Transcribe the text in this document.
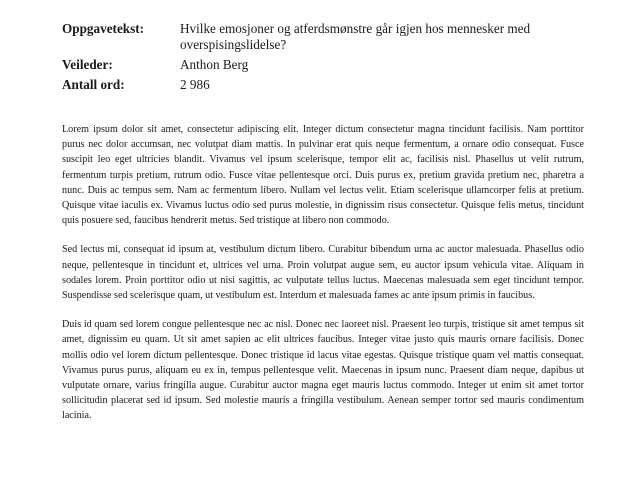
Oppgavetekst:	Hvilke emosjoner og atferdsmønstre går igjen hos mennesker med overspisingslidelse?
Veileder:	Anthon Berg
Antall ord:	2 986

Lorem ipsum dolor sit amet, consectetur adipiscing elit. Integer dictum consectetur magna tincidunt facilisis. Nam porttitor purus nec dolor accumsan, nec volutpat diam mattis. In pulvinar erat quis neque fermentum, a ornare odio consequat. Fusce suscipit leo eget ultricies blandit. Vivamus vel ipsum scelerisque, tempor elit ac, facilisis nisl. Phasellus ut velit rutrum, fermentum turpis pretium, rutrum odio. Fusce vitae pellentesque orci. Duis purus ex, pretium gravida pretium nec, pharetra a nunc. Duis ac tempus sem. Nam ac fermentum libero. Nullam vel lectus velit. Etiam scelerisque ullamcorper felis at pretium. Quisque vitae iaculis ex. Vivamus luctus odio sed purus molestie, in dignissim risus consectetur. Quisque felis metus, tincidunt quis posuere sed, faucibus hendrerit metus. Sed tristique at libero non commodo.

Sed lectus mi, consequat id ipsum at, vestibulum dictum libero. Curabitur bibendum urna ac auctor malesuada. Phasellus odio neque, pellentesque in tincidunt et, ultrices vel urna. Proin volutpat augue sem, eu auctor ipsum vehicula vitae. Aliquam in sodales lorem. Proin porttitor odio ut nisi sagittis, ac vulputate tellus luctus. Maecenas malesuada sem eget tincidunt tempor. Suspendisse sed scelerisque quam, ut vestibulum est. Interdum et malesuada fames ac ante ipsum primis in faucibus.

Duis id quam sed lorem congue pellentesque nec ac nisl. Donec nec laoreet nisl. Praesent leo turpis, tristique sit amet tempus sit amet, dignissim eu quam. Ut sit amet sapien ac elit ultrices faucibus. Integer vitae justo quis mauris ornare facilisis. Donec mollis odio vel lorem dictum pellentesque. Donec tristique id lacus vitae egestas. Quisque tristique quam vel mattis consequat. Vivamus purus purus, aliquam eu ex in, tempus pellentesque velit. Maecenas in ipsum nunc. Praesent diam neque, dapibus ut vulputate ornare, varius fringilla augue. Curabitur auctor magna eget mauris luctus commodo. Integer ut enim sit amet tortor sollicitudin placerat sed id ipsum. Sed molestie mauris a fringilla vestibulum. Aenean semper tortor sed mauris condimentum lacinia.
